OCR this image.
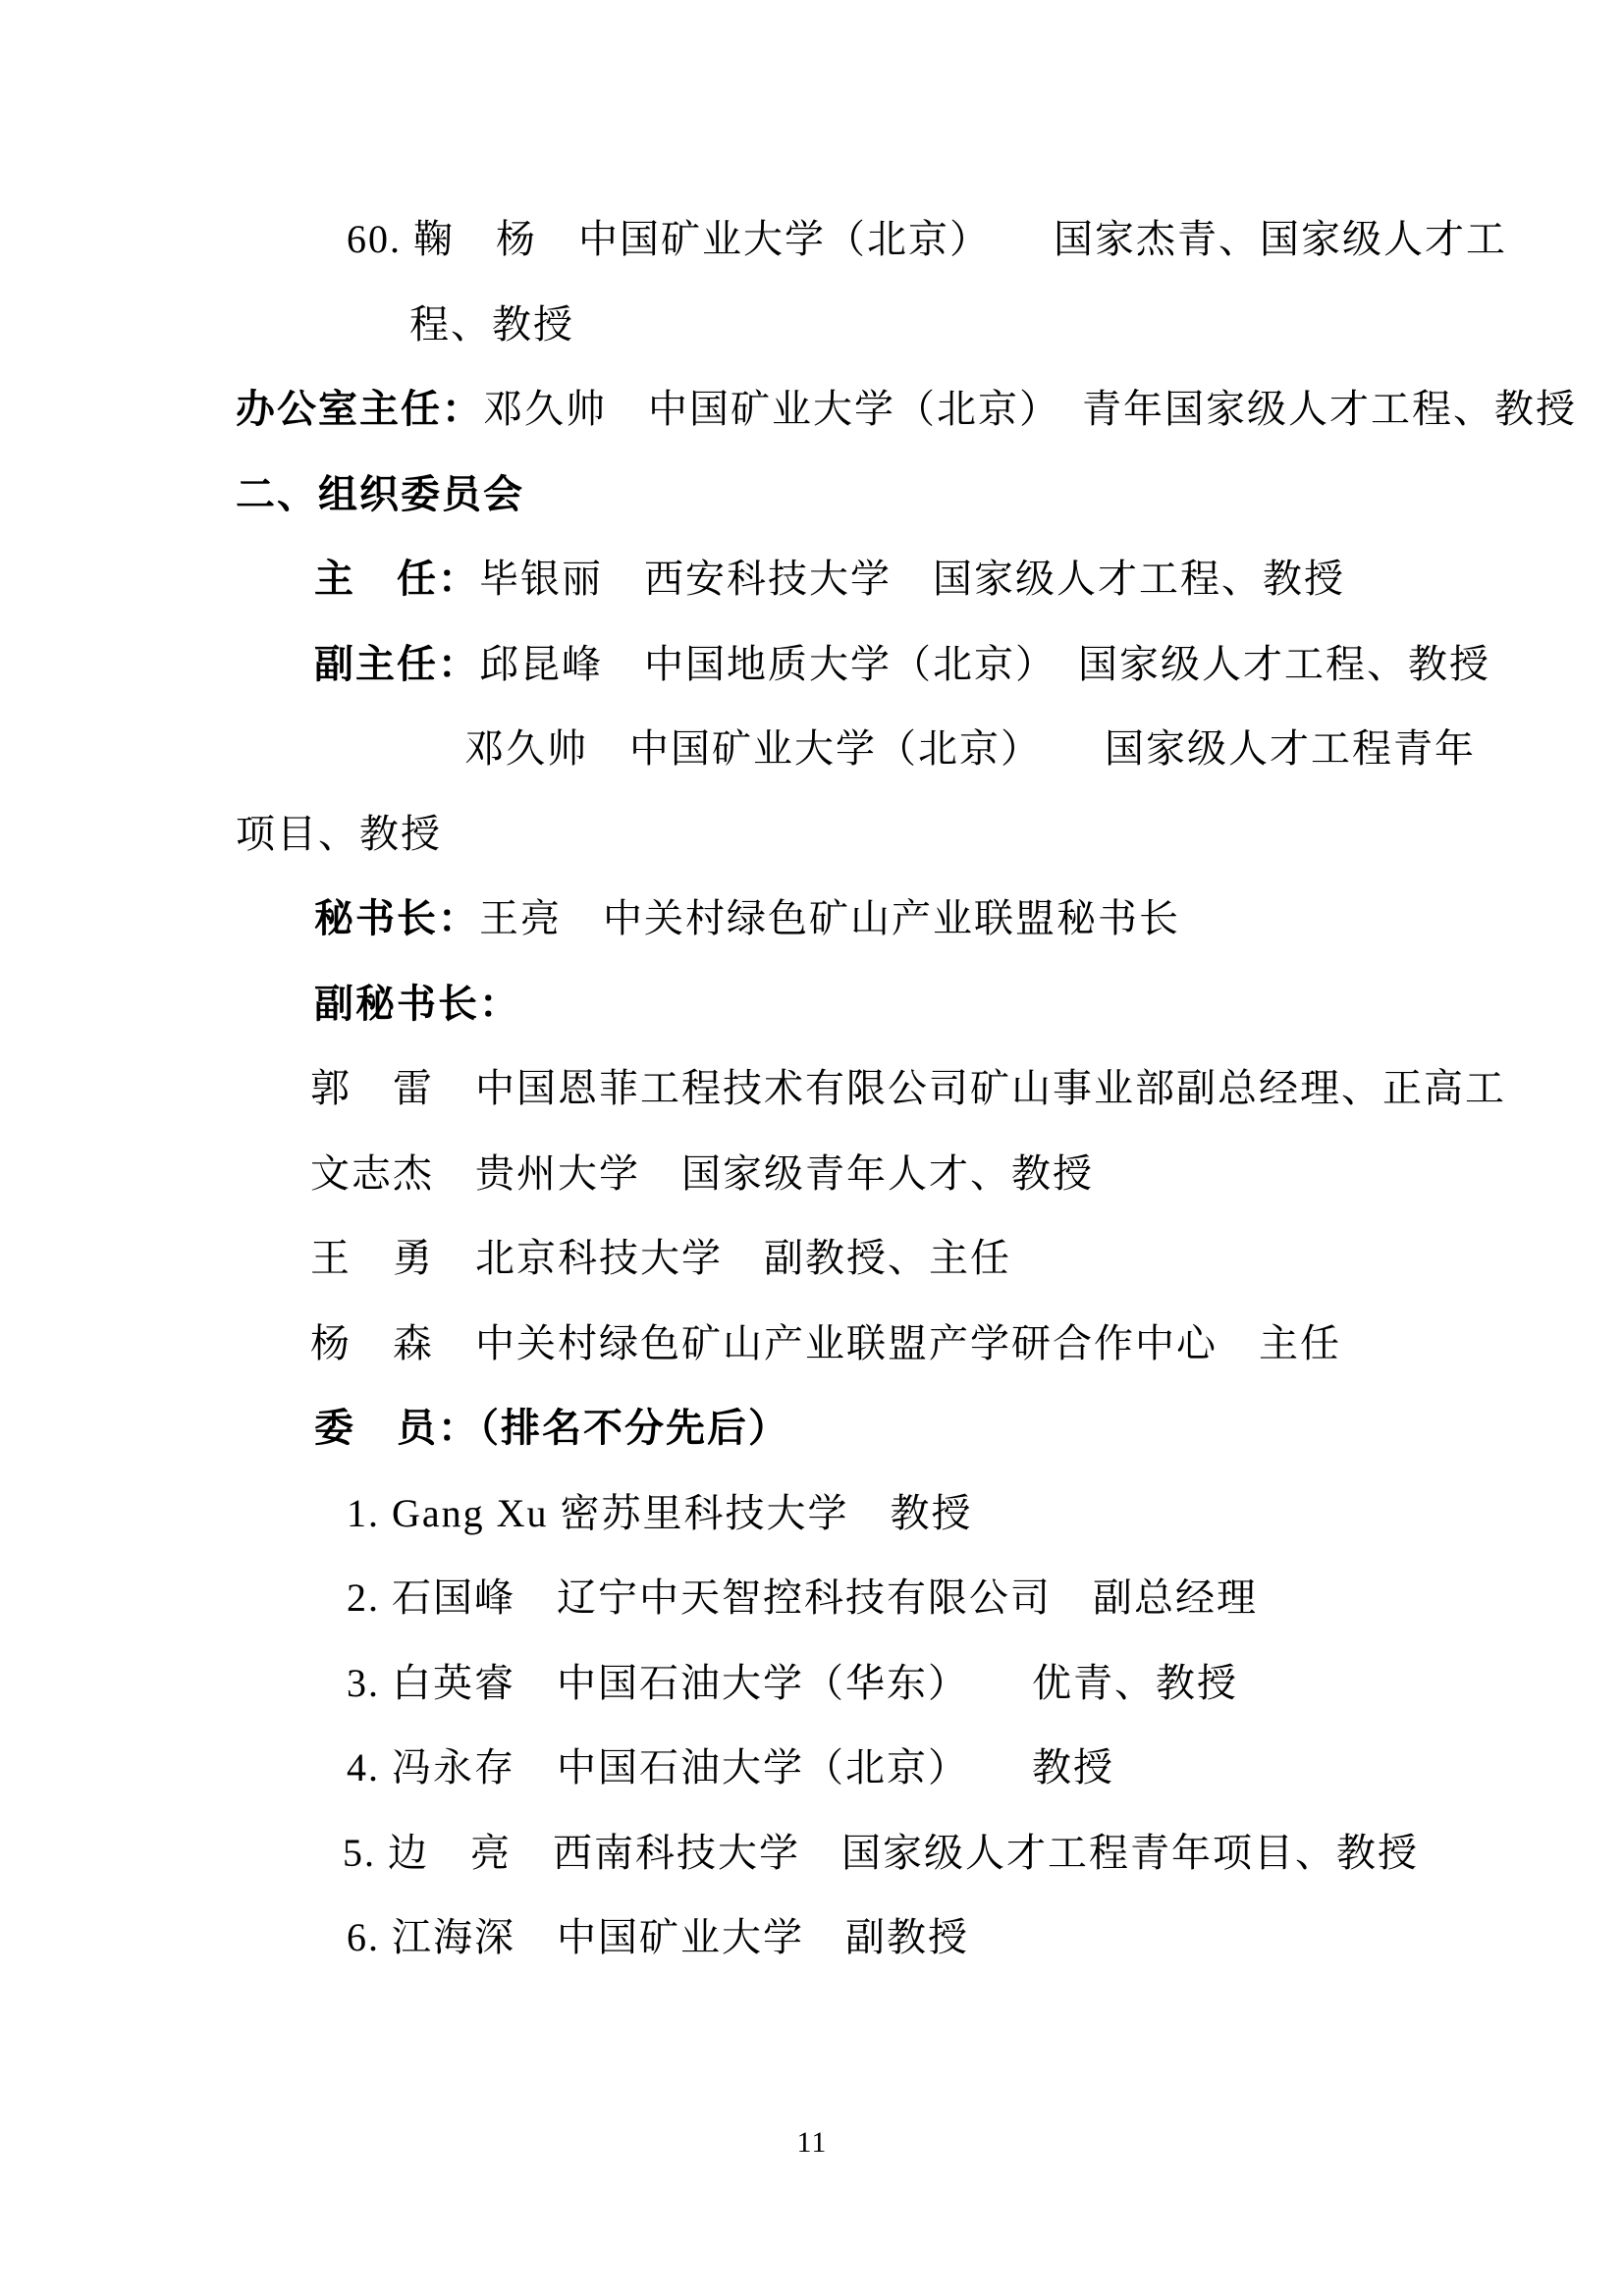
60. 鞠　杨　中国矿业大学（北京）　　国家杰青、国家级人才工
程、教授
办公室主任：邓久帅　中国矿业大学（北京）　青年国家级人才工程、教授
二、组织委员会
主　任：毕银丽　西安科技大学　国家级人才工程、教授
副主任：邱昆峰　中国地质大学（北京）　国家级人才工程、教授
邓久帅　中国矿业大学（北京）　　国家级人才工程青年
项目、教授
秘书长：王亮　中关村绿色矿山产业联盟秘书长
副秘书长：
郭　雷　中国恩菲工程技术有限公司矿山事业部副总经理、正高工
文志杰　贵州大学　国家级青年人才、教授
王　勇　北京科技大学　副教授、主任
杨　森　中关村绿色矿山产业联盟产学研合作中心　主任
委　员：（排名不分先后）
1. Gang Xu 密苏里科技大学　教授
2. 石国峰　辽宁中天智控科技有限公司　副总经理
3. 白英睿　中国石油大学（华东）　　优青、教授
4. 冯永存　中国石油大学（北京）　　教授
5. 边　亮　西南科技大学　国家级人才工程青年项目、教授
6. 江海深　中国矿业大学　副教授
11
